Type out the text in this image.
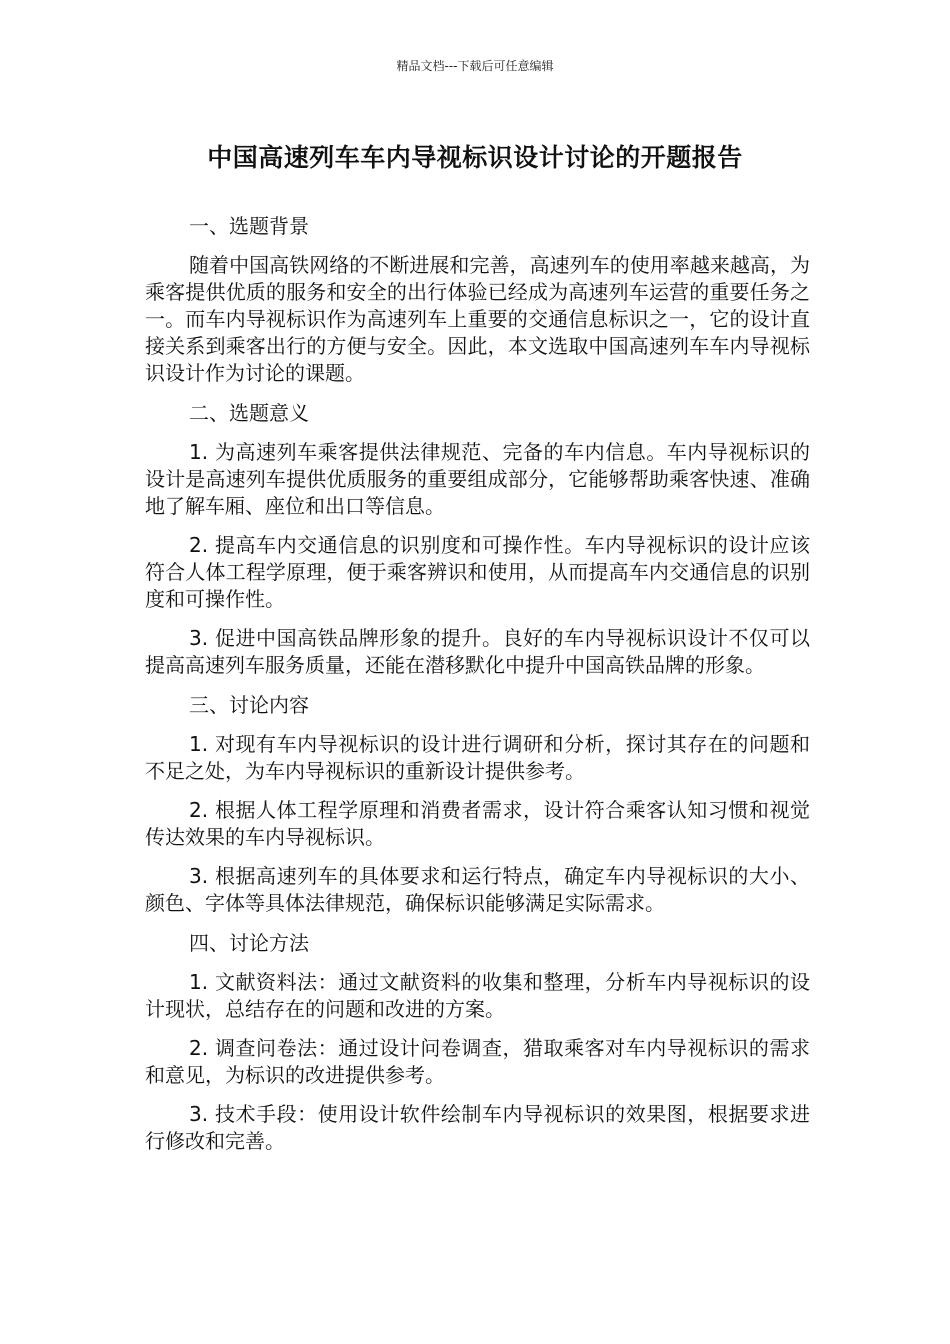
精品文档---下载后可任意编辑
中国高速列车车内导视标识设计讨论的开题报告
一、选题背景
随着中国高铁网络的不断进展和完善，高速列车的使用率越来越高，为乘客提供优质的服务和安全的出行体验已经成为高速列车运营的重要任务之一。而车内导视标识作为高速列车上重要的交通信息标识之一，它的设计直接关系到乘客出行的方便与安全。因此，本文选取中国高速列车车内导视标识设计作为讨论的课题。
二、选题意义
1. 为高速列车乘客提供法律规范、完备的车内信息。车内导视标识的设计是高速列车提供优质服务的重要组成部分，它能够帮助乘客快速、准确地了解车厢、座位和出口等信息。
2. 提高车内交通信息的识别度和可操作性。车内导视标识的设计应该符合人体工程学原理，便于乘客辨识和使用，从而提高车内交通信息的识别度和可操作性。
3. 促进中国高铁品牌形象的提升。良好的车内导视标识设计不仅可以提高高速列车服务质量，还能在潜移默化中提升中国高铁品牌的形象。
三、讨论内容
1. 对现有车内导视标识的设计进行调研和分析，探讨其存在的问题和不足之处，为车内导视标识的重新设计提供参考。
2. 根据人体工程学原理和消费者需求，设计符合乘客认知习惯和视觉传达效果的车内导视标识。
3. 根据高速列车的具体要求和运行特点，确定车内导视标识的大小、颜色、字体等具体法律规范，确保标识能够满足实际需求。
四、讨论方法
1. 文献资料法：通过文献资料的收集和整理，分析车内导视标识的设计现状，总结存在的问题和改进的方案。
2. 调查问卷法：通过设计问卷调查，猎取乘客对车内导视标识的需求和意见，为标识的改进提供参考。
3. 技术手段：使用设计软件绘制车内导视标识的效果图，根据要求进行修改和完善。
